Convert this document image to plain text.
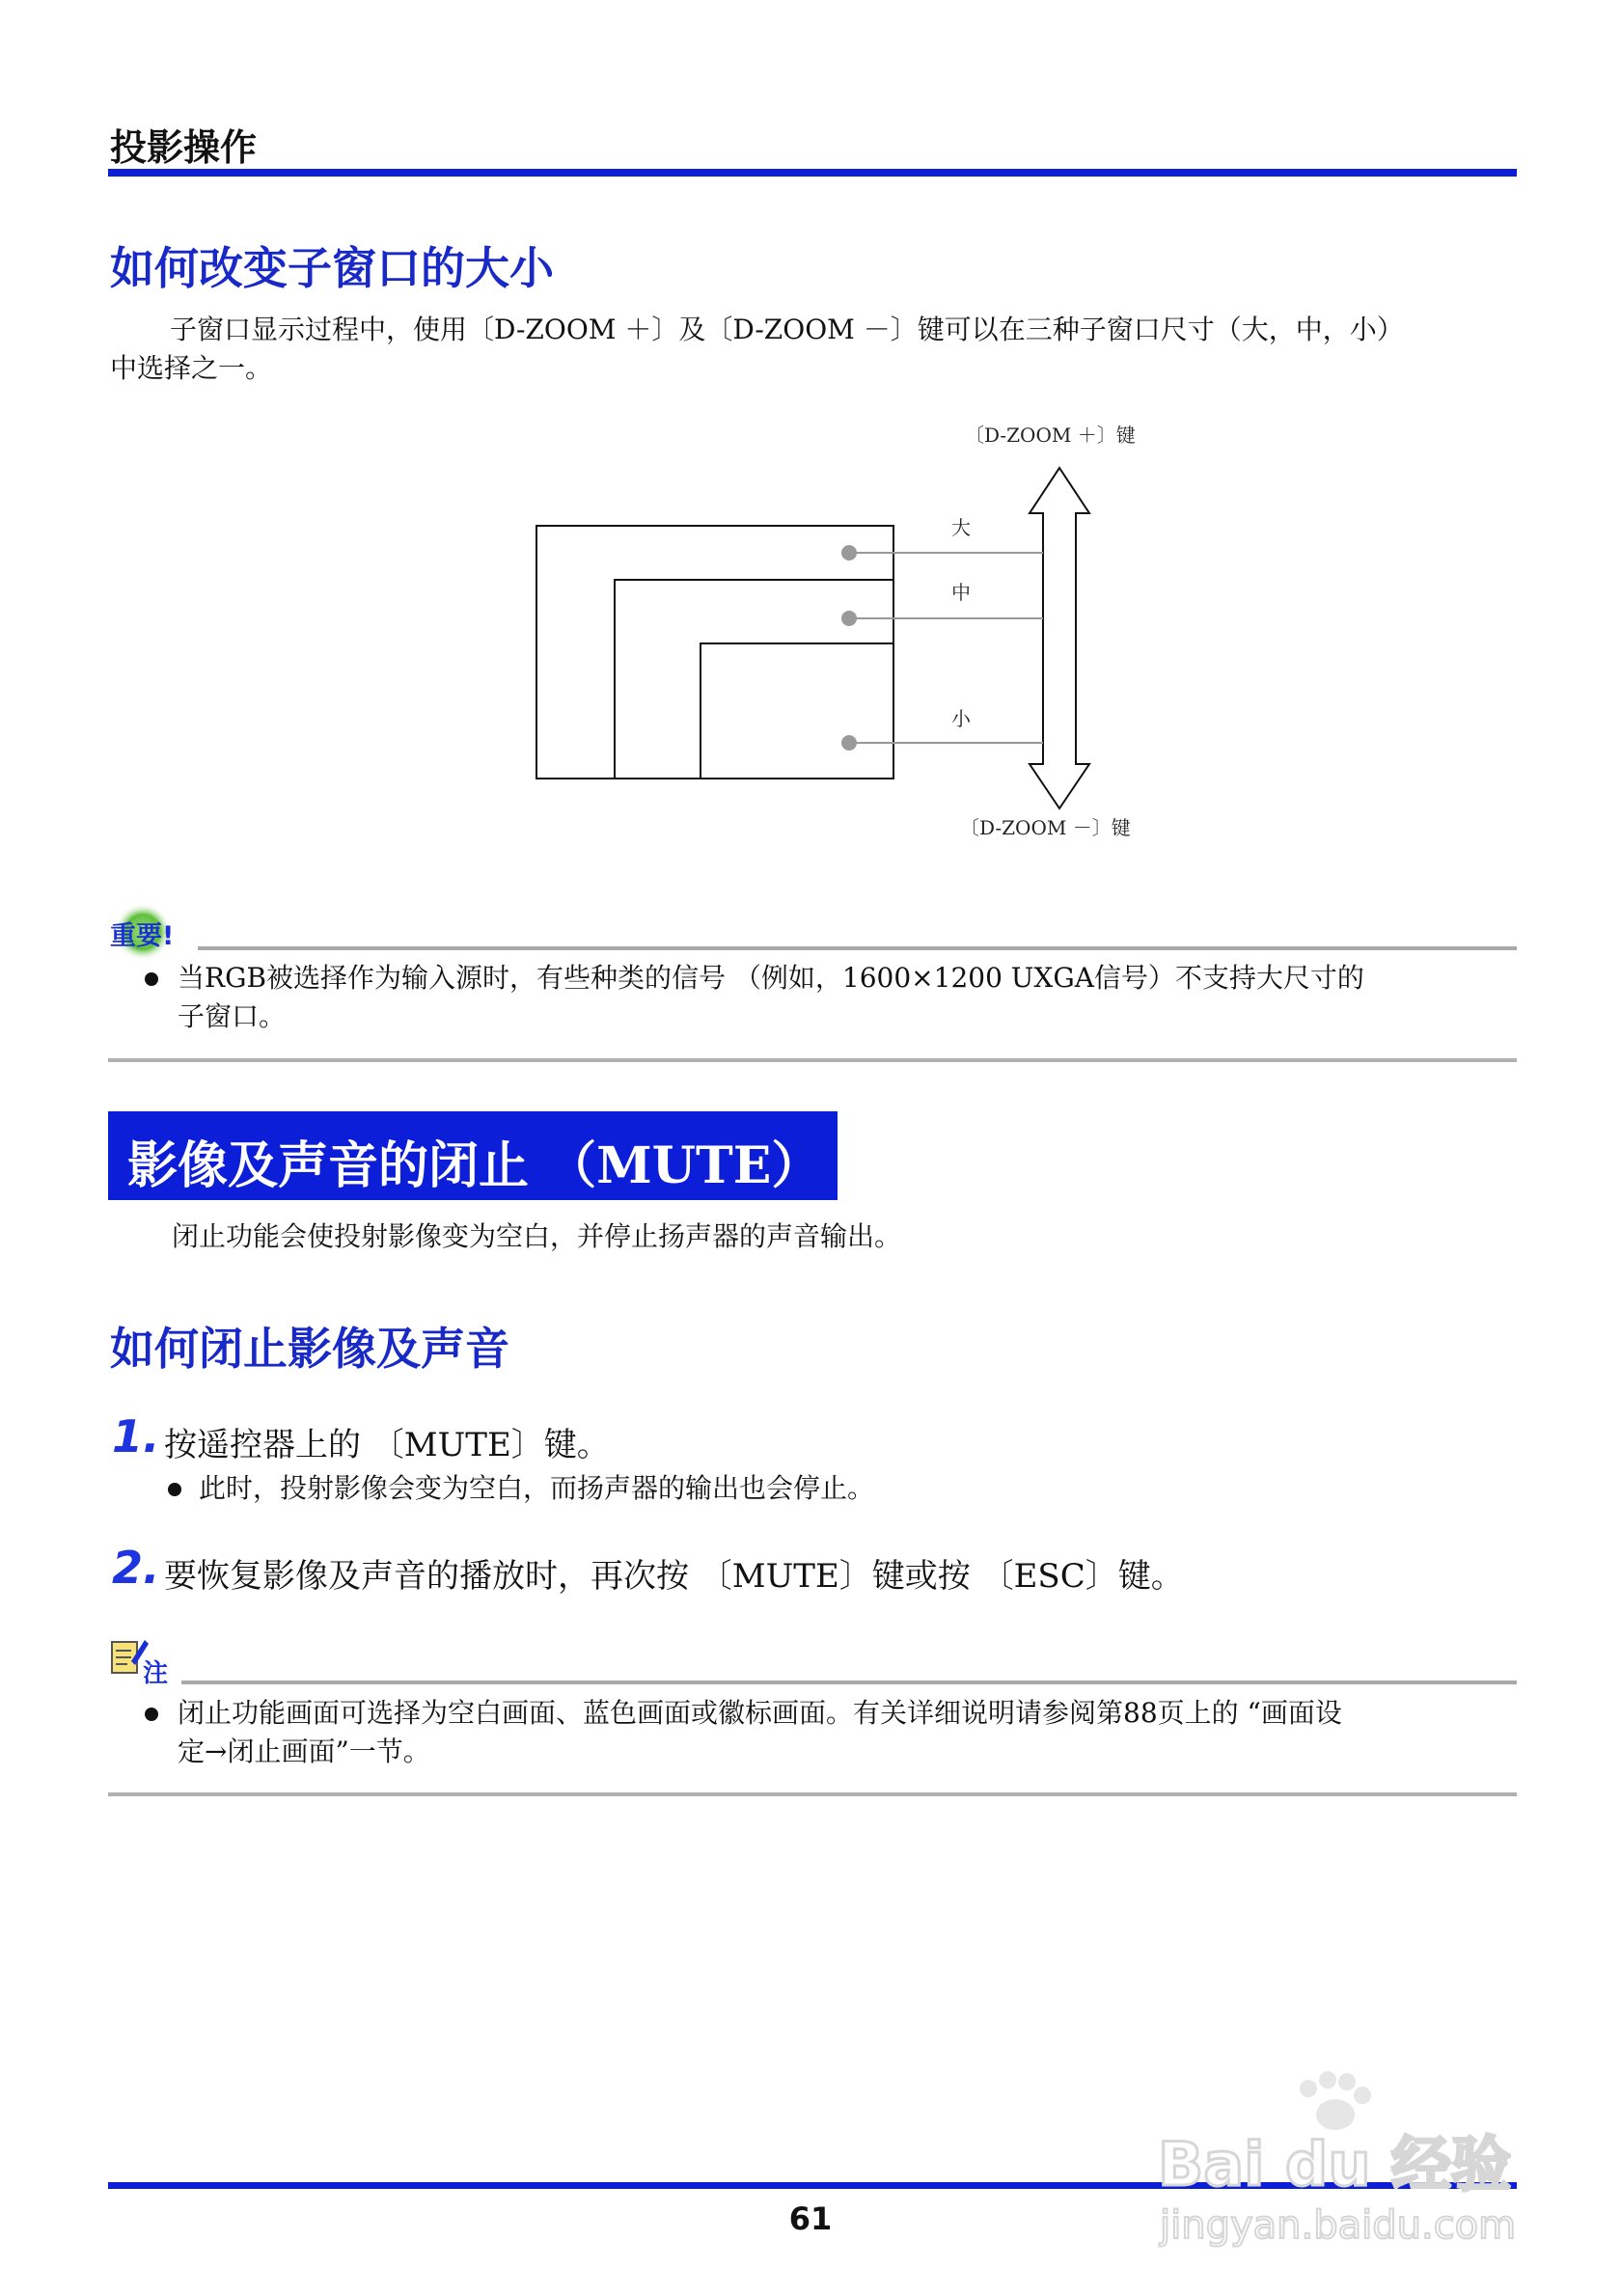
投影操作
如何改变子窗口的大小
子窗口显示过程中，使用〔D-ZOOM ＋〕及〔D-ZOOM －〕键可以在三种子窗口尺寸（大，中，小）
中选择之一。
〔D-ZOOM ＋〕键
〔D-ZOOM －〕键
大
中
小
重要!
当RGB被选择作为输入源时，有些种类的信号 （例如，1600×1200 UXGA信号）不支持大尺寸的
子窗口。
影像及声音的闭止 （MUTE）
闭止功能会使投射影像变为空白，并停止扬声器的声音输出。
如何闭止影像及声音
1. 按遥控器上的 〔MUTE〕键。
此时，投射影像会变为空白，而扬声器的输出也会停止。
2. 要恢复影像及声音的播放时，再次按 〔MUTE〕键或按 〔ESC〕键。
注
闭止功能画面可选择为空白画面、蓝色画面或徽标画面。有关详细说明请参阅第88页上的 “画面设
定→闭止画面”一节。
61
Bai du 经验
jingyan.baidu.com
